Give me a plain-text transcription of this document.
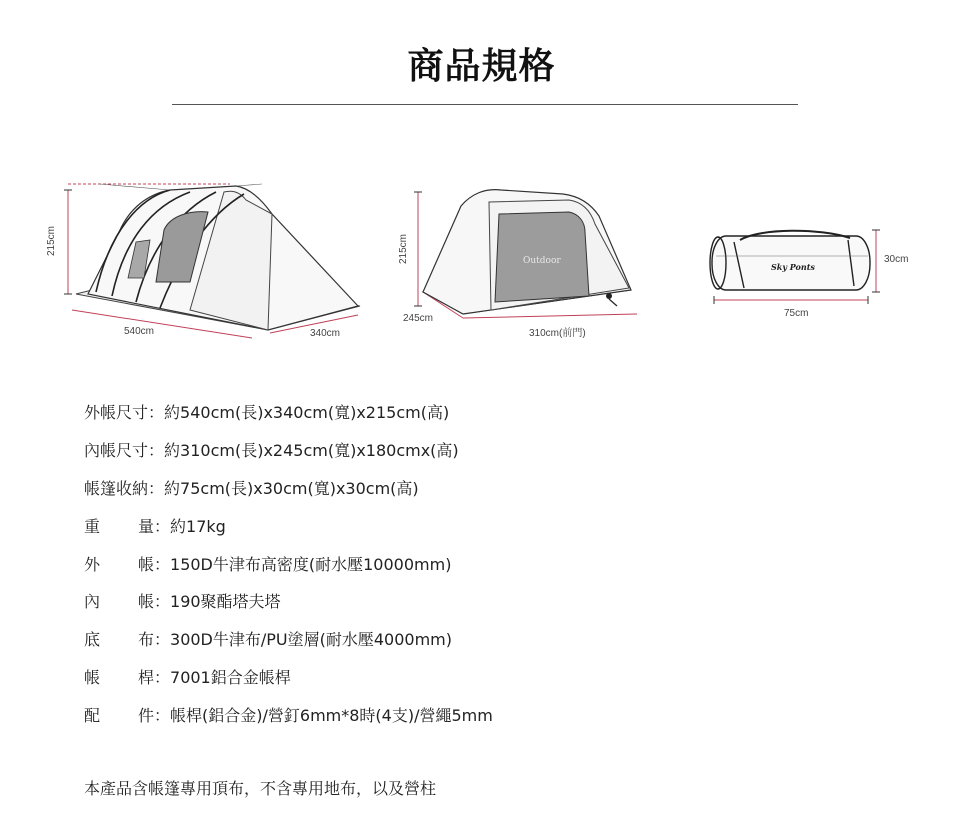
商品規格
215cm
540cm	340cm
Outdoor
215cm
245cm
310cm(前門)
Sky Ponts
75cm
30cm
外帳尺寸 ： 約540cm(長)x340cm(寬)x215cm(高)
內帳尺寸 ： 約310cm(長)x245cm(寬)x180cmx(高)
帳篷收納 ： 約75cm(長)x30cm(寬)x30cm(高)
重量 ： 約17kg
外帳 ： 150D牛津布高密度(耐水壓10000mm)
內帳 ： 190聚酯塔夫塔
底布 ： 300D牛津布/PU塗層(耐水壓4000mm)
帳桿 ： 7001鋁合金帳桿
配件 ： 帳桿(鋁合金)/營釘6mm*8時(4支)/營繩5mm
本產品含帳篷專用頂布，不含專用地布，以及營柱
